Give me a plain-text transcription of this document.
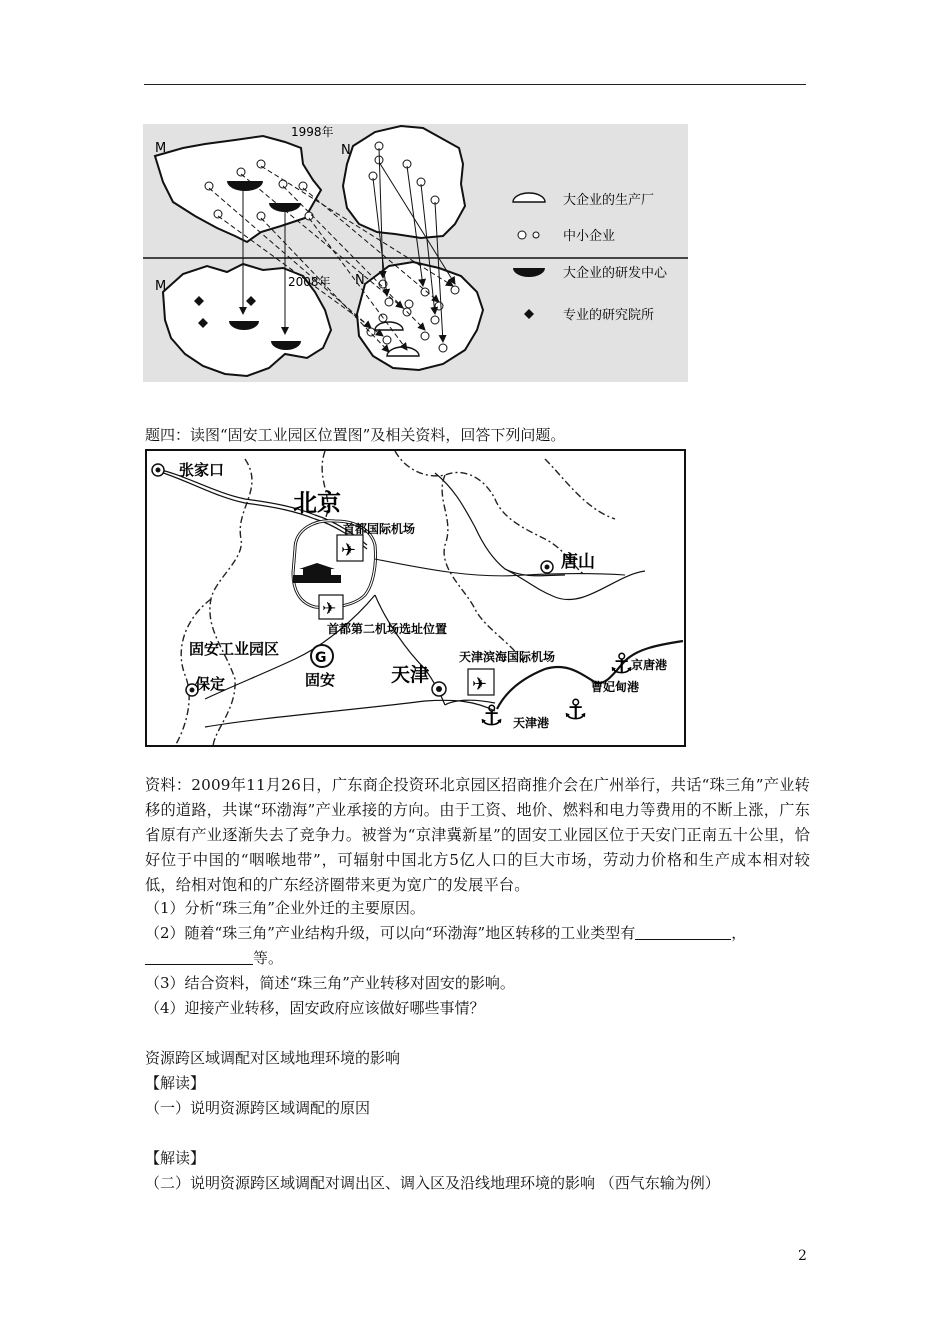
1998年
2008年
M	N
M	N
大企业的生产厂
中小企业
大企业的研发中心
专业的研究院所
题四：读图“固安工业园区位置图”及相关资料，回答下列问题。
✈
首都国际机场
✈
首都第二机场选址位置
✈
天津滨海国际机场
张家口
北京
唐山
固安工业园区	G
固安	天津
保定
⚓
京唐港
曹妃甸港
⚓
⚓ 天津港
资料：2009年11月26日，广东商企投资环北京园区招商推介会在广州举行，共话“珠三角”产业转移的道路，共谋“环渤海”产业承接的方向。由于工资、地价、燃料和电力等费用的不断上涨，广东省原有产业逐渐失去了竞争力。被誉为“京津冀新星”的固安工业园区位于天安门正南五十公里，恰好位于中国的“咽喉地带”，可辐射中国北方5亿人口的巨大市场，劳动力价格和生产成本相对较低，给相对饱和的广东经济圈带来更为宽广的发展平台。
（1）分析“珠三角”企业外迁的主要原因。
（2）随着“珠三角”产业结构升级，可以向“环渤海”地区转移的工业类型有	，
等。
（3）结合资料，简述“珠三角”产业转移对固安的影响。
（4）迎接产业转移，固安政府应该做好哪些事情？
资源跨区域调配对区域地理环境的影响
【解读】
（一）说明资源跨区域调配的原因
【解读】
（二）说明资源跨区域调配对调出区、调入区及沿线地理环境的影响 （西气东输为例）
2
